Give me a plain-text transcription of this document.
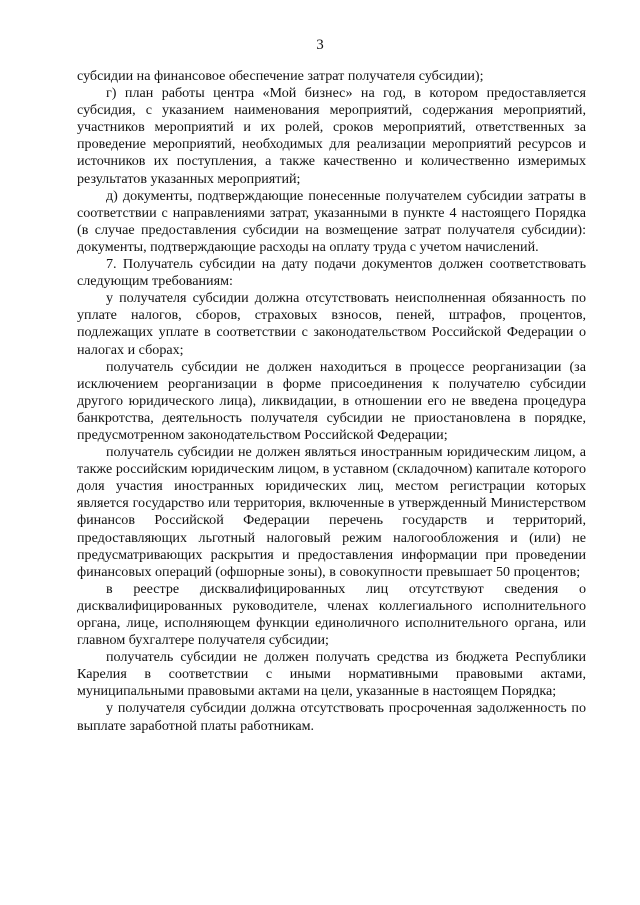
3

субсидии на финансовое обеспечение затрат получателя субсидии);

г) план работы центра «Мой бизнес» на год, в котором предоставляется субсидия, с указанием наименования мероприятий, содержания мероприятий, участников мероприятий и их ролей, сроков мероприятий, ответственных за проведение мероприятий, необходимых для реализации мероприятий ресурсов и источников их поступления, а также качественно и количественно измеримых результатов указанных мероприятий;

д) документы, подтверждающие понесенные получателем субсидии затраты в соответствии с направлениями затрат, указанными в пункте 4 настоящего Порядка (в случае предоставления субсидии на возмещение затрат получателя субсидии): документы, подтверждающие расходы на оплату труда с учетом начислений.

7. Получатель субсидии на дату подачи документов должен соответствовать следующим требованиям:

у получателя субсидии должна отсутствовать неисполненная обязанность по уплате налогов, сборов, страховых взносов, пеней, штрафов, процентов, подлежащих уплате в соответствии с законодательством Российской Федерации о налогах и сборах;

получатель субсидии не должен находиться в процессе реорганизации (за исключением реорганизации в форме присоединения к получателю субсидии другого юридического лица), ликвидации, в отношении его не введена процедура банкротства, деятельность получателя субсидии не приостановлена в порядке, предусмотренном законодательством Российской Федерации;

получатель субсидии не должен являться иностранным юридическим лицом, а также российским юридическим лицом, в уставном (складочном) капитале которого доля участия иностранных юридических лиц, местом регистрации которых является государство или территория, включенные в утвержденный Министерством финансов Российской Федерации перечень государств и территорий, предоставляющих льготный налоговый режим налогообложения и (или) не предусматривающих раскрытия и предоставления информации при проведении финансовых операций (офшорные зоны), в совокупности превышает 50 процентов;

в реестре дисквалифицированных лиц отсутствуют сведения о дисквалифицированных руководителе, членах коллегиального исполнительного органа, лице, исполняющем функции единоличного исполнительного органа, или главном бухгалтере получателя субсидии;

получатель субсидии не должен получать средства из бюджета Республики Карелия в соответствии с иными нормативными правовыми актами, муниципальными правовыми актами на цели, указанные в настоящем Порядка;

у получателя субсидии должна отсутствовать просроченная задолженность по выплате заработной платы работникам.
